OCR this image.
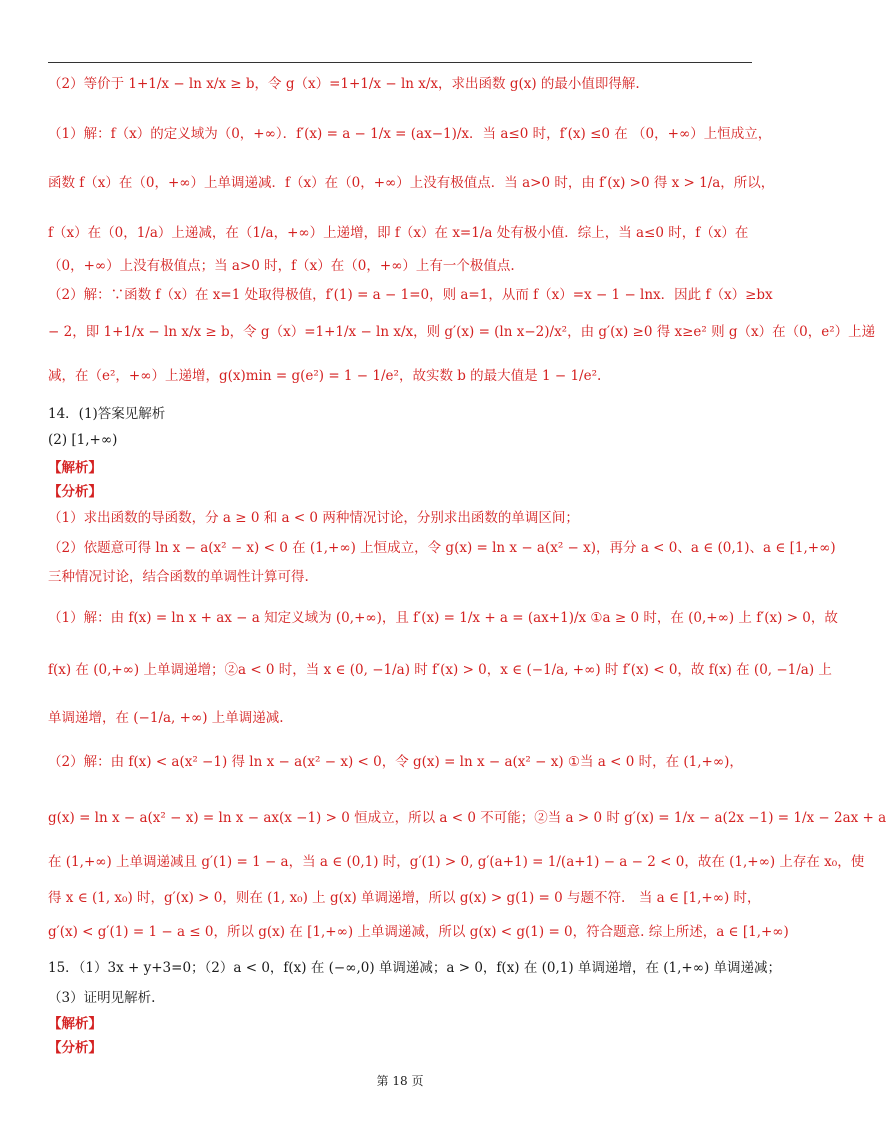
（2）等价于 1+1/x − ln x/x ≥ b，令 g（x）=1+1/x − ln x/x，求出函数 g(x) 的最小值即得解.
（1）解：f（x）的定义域为（0，+∞）．f′(x) = a − 1/x = (ax−1)/x．当 a≤0 时，f′(x) ≤0 在 （0，+∞）上恒成立，
函数 f（x）在（0，+∞）上单调递减．f（x）在（0，+∞）上没有极值点．当 a>0 时，由 f′(x) >0 得 x > 1/a，所以，
f（x）在（0，1/a）上递减，在（1/a，+∞）上递增，即 f（x）在 x=1/a 处有极小值．综上，当 a≤0 时，f（x）在
（0，+∞）上没有极值点；当 a>0 时，f（x）在（0，+∞）上有一个极值点.
（2）解：∵函数 f（x）在 x=1 处取得极值，f′(1) = a − 1=0，则 a=1，从而 f（x）=x − 1 − lnx．因此 f（x）≥bx
− 2，即 1+1/x − ln x/x ≥ b，令 g（x）=1+1/x − ln x/x，则 g′(x) = (ln x−2)/x²，由 g′(x) ≥0 得 x≥e² 则 g（x）在（0，e²）上递
减，在（e²，+∞）上递增，g(x)min = g(e²) = 1 − 1/e²，故实数 b 的最大值是 1 − 1/e².
14．(1)答案见解析
(2) [1,+∞)
【解析】
【分析】
（1）求出函数的导函数，分 a ≥ 0 和 a < 0 两种情况讨论，分别求出函数的单调区间；
（2）依题意可得 ln x − a(x² − x) < 0 在 (1,+∞) 上恒成立，令 g(x) = ln x − a(x² − x)，再分 a < 0、a ∈ (0,1)、a ∈ [1,+∞)
三种情况讨论，结合函数的单调性计算可得.
（1）解：由 f(x) = ln x + ax − a 知定义域为 (0,+∞)，且 f′(x) = 1/x + a = (ax+1)/x ①a ≥ 0 时，在 (0,+∞) 上 f′(x) > 0，故
f(x) 在 (0,+∞) 上单调递增；②a < 0 时，当 x ∈ (0, −1/a) 时 f′(x) > 0，x ∈ (−1/a, +∞) 时 f′(x) < 0，故 f(x) 在 (0, −1/a) 上
单调递增，在 (−1/a, +∞) 上单调递减.
（2）解：由 f(x) < a(x² −1) 得 ln x − a(x² − x) < 0，令 g(x) = ln x − a(x² − x) ①当 a < 0 时，在 (1,+∞)，
g(x) = ln x − a(x² − x) = ln x − ax(x −1) > 0 恒成立，所以 a < 0 不可能；②当 a > 0 时 g′(x) = 1/x − a(2x −1) = 1/x − 2ax + a
在 (1,+∞) 上单调递减且 g′(1) = 1 − a，当 a ∈ (0,1) 时，g′(1) > 0, g′(a+1) = 1/(a+1) − a − 2 < 0，故在 (1,+∞) 上存在 x₀，使
得 x ∈ (1, x₀) 时，g′(x) > 0，则在 (1, x₀) 上 g(x) 单调递增，所以 g(x) > g(1) = 0 与题不符.　当 a ∈ [1,+∞) 时，
g′(x) < g′(1) = 1 − a ≤ 0，所以 g(x) 在 [1,+∞) 上单调递减，所以 g(x) < g(1) = 0，符合题意. 综上所述，a ∈ [1,+∞)
15．（1）3x + y+3=0；（2）a < 0，f(x) 在 (−∞,0) 单调递减；a > 0，f(x) 在 (0,1) 单调递增，在 (1,+∞) 单调递减；
（3）证明见解析.
【解析】
【分析】
第 18 页
